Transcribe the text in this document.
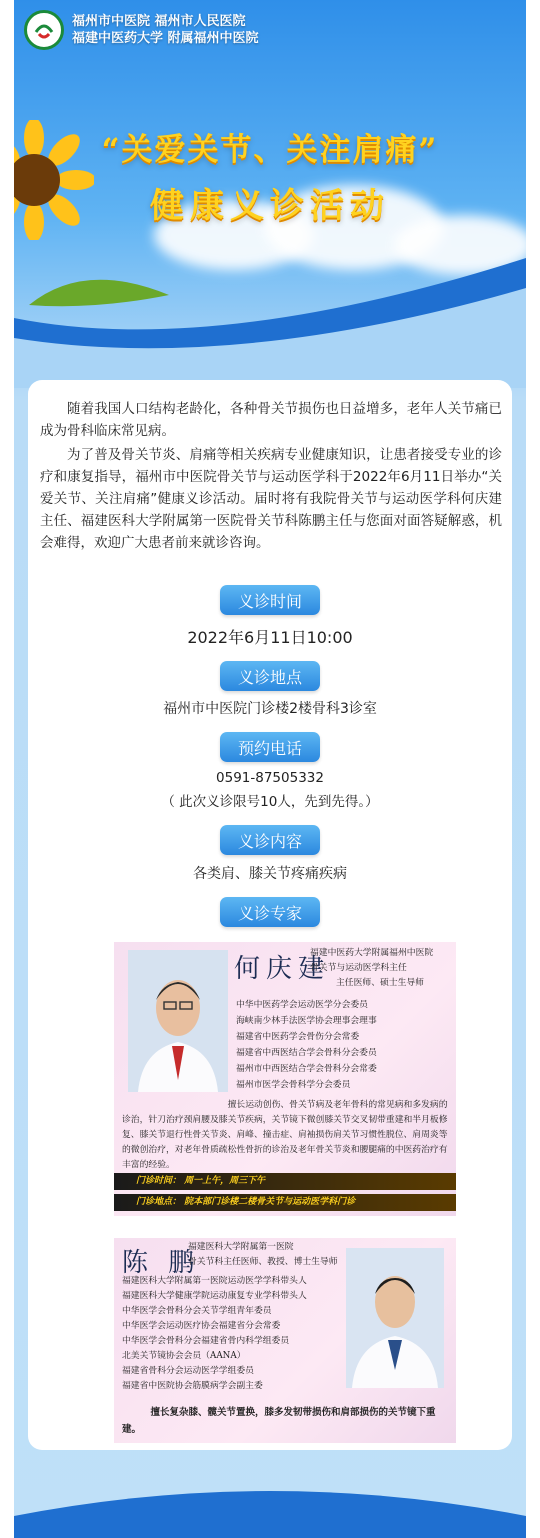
福州市中医院 福州市人民医院
福建中医药大学 附属福州中医院
“关爱关节、关注肩痛”
健康义诊活动
随着我国人口结构老龄化，各种骨关节损伤也日益增多，老年人关节痛已成为骨科临床常见病。
为了普及骨关节炎、肩痛等相关疾病专业健康知识，让患者接受专业的诊疗和康复指导，福州市中医院骨关节与运动医学科于2022年6月11日举办“关爱关节、关注肩痛”健康义诊活动。届时将有我院骨关节与运动医学科何庆建主任、福建医科大学附属第一医院骨关节科陈鹏主任与您面对面答疑解惑，机会难得，欢迎广大患者前来就诊咨询。
义诊时间
2022年6月11日10:00
义诊地点
福州市中医院门诊楼2楼骨科3诊室
预约电话
0591-87505332
（ 此次义诊限号10人，先到先得。）
义诊内容
各类肩、膝关节疼痛疾病
义诊专家
何庆建
福建中医药大学附属福州中医院
骨关节与运动医学科主任
主任医师、硕士生导师
中华中医药学会运动医学分会委员
海峡南少林手法医学协会理事会理事
福建省中医药学会骨伤分会常委
福建省中西医结合学会骨科分会委员
福州市中西医结合学会骨科分会常委
福州市医学会骨科学分会委员
擅长运动创伤、骨关节病及老年骨科的常见病和多发病的诊治，针刀治疗颈肩腰及膝关节疾病，关节镜下微创膝关节交叉韧带重建和半月板修复、膝关节退行性骨关节炎、肩峰、撞击症、肩袖损伤肩关节习惯性脱位、肩周炎等的微创治疗，对老年骨质疏松性骨折的诊治及老年骨关节炎和腰腿痛的中医药治疗有丰富的经验。
门诊时间： 周一上午，周三下午
门诊地点： 院本部门诊楼二楼骨关节与运动医学科门诊
陈 鹏
福建医科大学附属第一医院
骨关节科主任医师、教授、博士生导师
福建医科大学附属第一医院运动医学学科带头人
福建医科大学健康学院运动康复专业学科带头人
中华医学会骨科分会关节学组青年委员
中华医学会运动医疗协会福建省分会常委
中华医学会骨科分会福建省骨内科学组委员
北美关节镜协会会员（AANA）
福建省骨科分会运动医学学组委员
福建省中医院协会筋膜病学会副主委
擅长复杂膝、髋关节置换，膝多发韧带损伤和肩部损伤的关节镜下重建。
